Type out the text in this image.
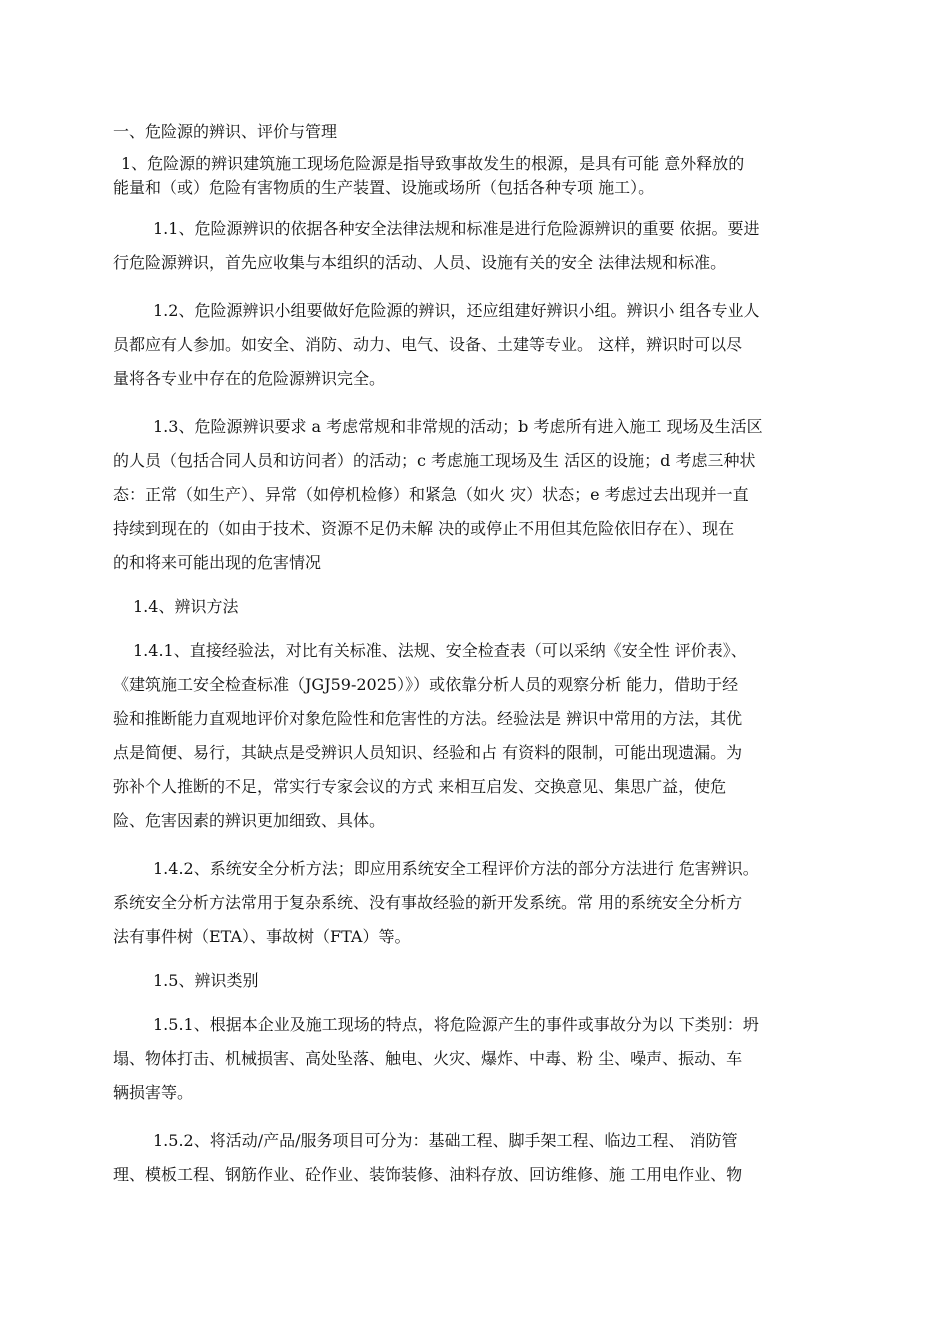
一、危险源的辨识、评价与管理

1、危险源的辨识建筑施工现场危险源是指导致事故发生的根源，是具有可能 意外释放的

能量和（或）危险有害物质的生产装置、设施或场所（包括各种专项 施工）。

1.1、危险源辨识的依据各种安全法律法规和标准是进行危险源辨识的重要 依据。要进

行危险源辨识，首先应收集与本组织的活动、人员、设施有关的安全 法律法规和标准。

1.2、危险源辨识小组要做好危险源的辨识，还应组建好辨识小组。辨识小 组各专业人

员都应有人参加。如安全、消防、动力、电气、设备、土建等专业。 这样，辨识时可以尽

量将各专业中存在的危险源辨识完全。

1.3、危险源辨识要求 a 考虑常规和非常规的活动；b 考虑所有进入施工 现场及生活区

的人员（包括合同人员和访问者）的活动；c 考虑施工现场及生 活区的设施；d 考虑三种状

态：正常（如生产）、异常（如停机检修）和紧急（如火 灾）状态；e 考虑过去出现并一直

持续到现在的（如由于技术、资源不足仍未解 决的或停止不用但其危险依旧存在）、现在

的和将来可能出现的危害情况

1.4、辨识方法

1.4.1、直接经验法，对比有关标准、法规、安全检查表（可以采纳《安全性 评价表》、

《建筑施工安全检查标准（JGJ59-2025）》）或依靠分析人员的观察分析 能力，借助于经

验和推断能力直观地评价对象危险性和危害性的方法。经验法是 辨识中常用的方法，其优

点是简便、易行，其缺点是受辨识人员知识、经验和占 有资料的限制，可能出现遗漏。为

弥补个人推断的不足，常实行专家会议的方式 来相互启发、交换意见、集思广益，使危

险、危害因素的辨识更加细致、具体。

1.4.2、系统安全分析方法；即应用系统安全工程评价方法的部分方法进行 危害辨识。

系统安全分析方法常用于复杂系统、没有事故经验的新开发系统。常 用的系统安全分析方

法有事件树（ETA）、事故树（FTA）等。

1.5、辨识类别

1.5.1、根据本企业及施工现场的特点，将危险源产生的事件或事故分为以 下类别：坍

塌、物体打击、机械损害、高处坠落、触电、火灾、爆炸、中毒、粉 尘、噪声、振动、车

辆损害等。

1.5.2、将活动/产品/服务项目可分为：基础工程、脚手架工程、临边工程、 消防管

理、模板工程、钢筋作业、砼作业、装饰装修、油料存放、回访维修、施 工用电作业、物
